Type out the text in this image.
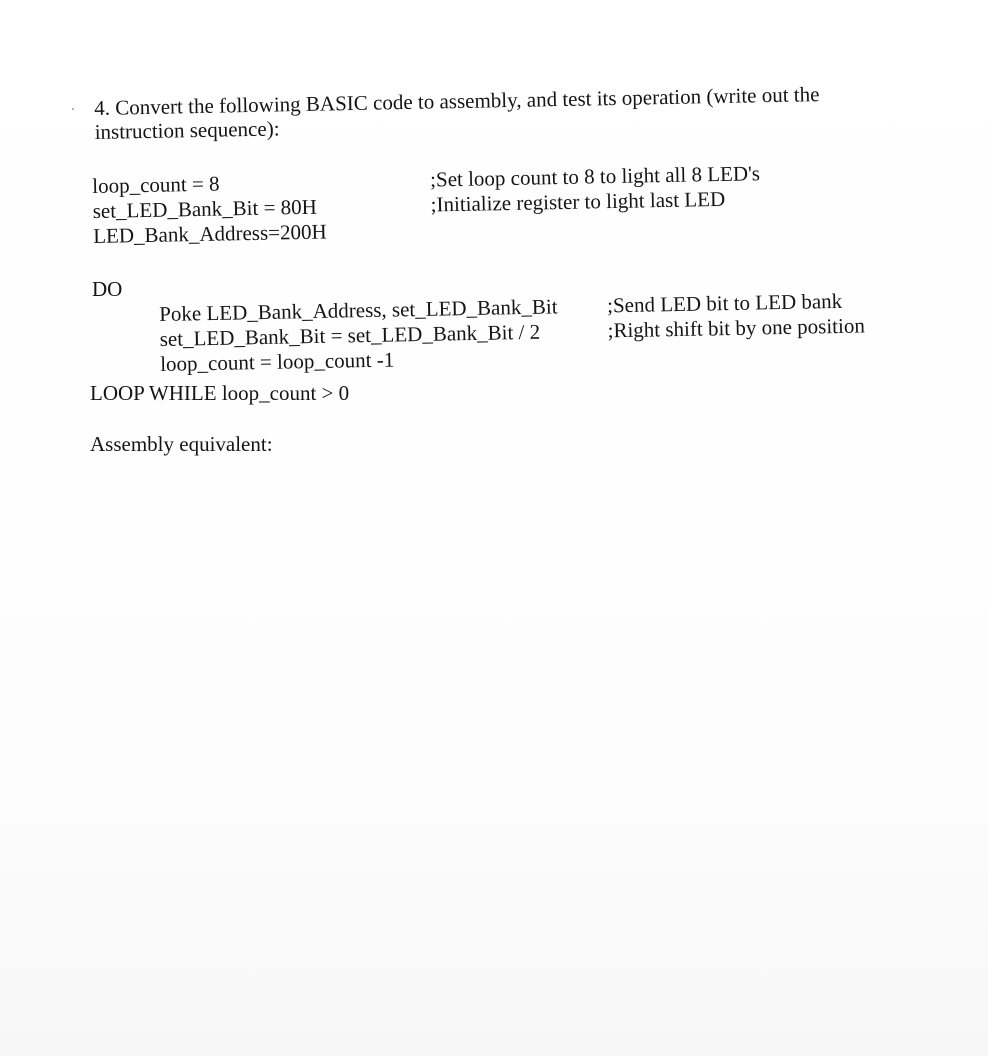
4. Convert the following BASIC code to assembly, and test its operation (write out the
instruction sequence):
loop_count = 8	;Set loop count to 8 to light all 8 LED's
set_LED_Bank_Bit = 80H	;Initialize register to light last LED
LED_Bank_Address=200H
DO
Poke LED_Bank_Address, set_LED_Bank_Bit ;Send LED bit to LED bank
set_LED_Bank_Bit = set_LED_Bank_Bit / 2	;Right shift bit by one position
loop_count = loop_count -1
LOOP WHILE loop_count > 0
Assembly equivalent:
